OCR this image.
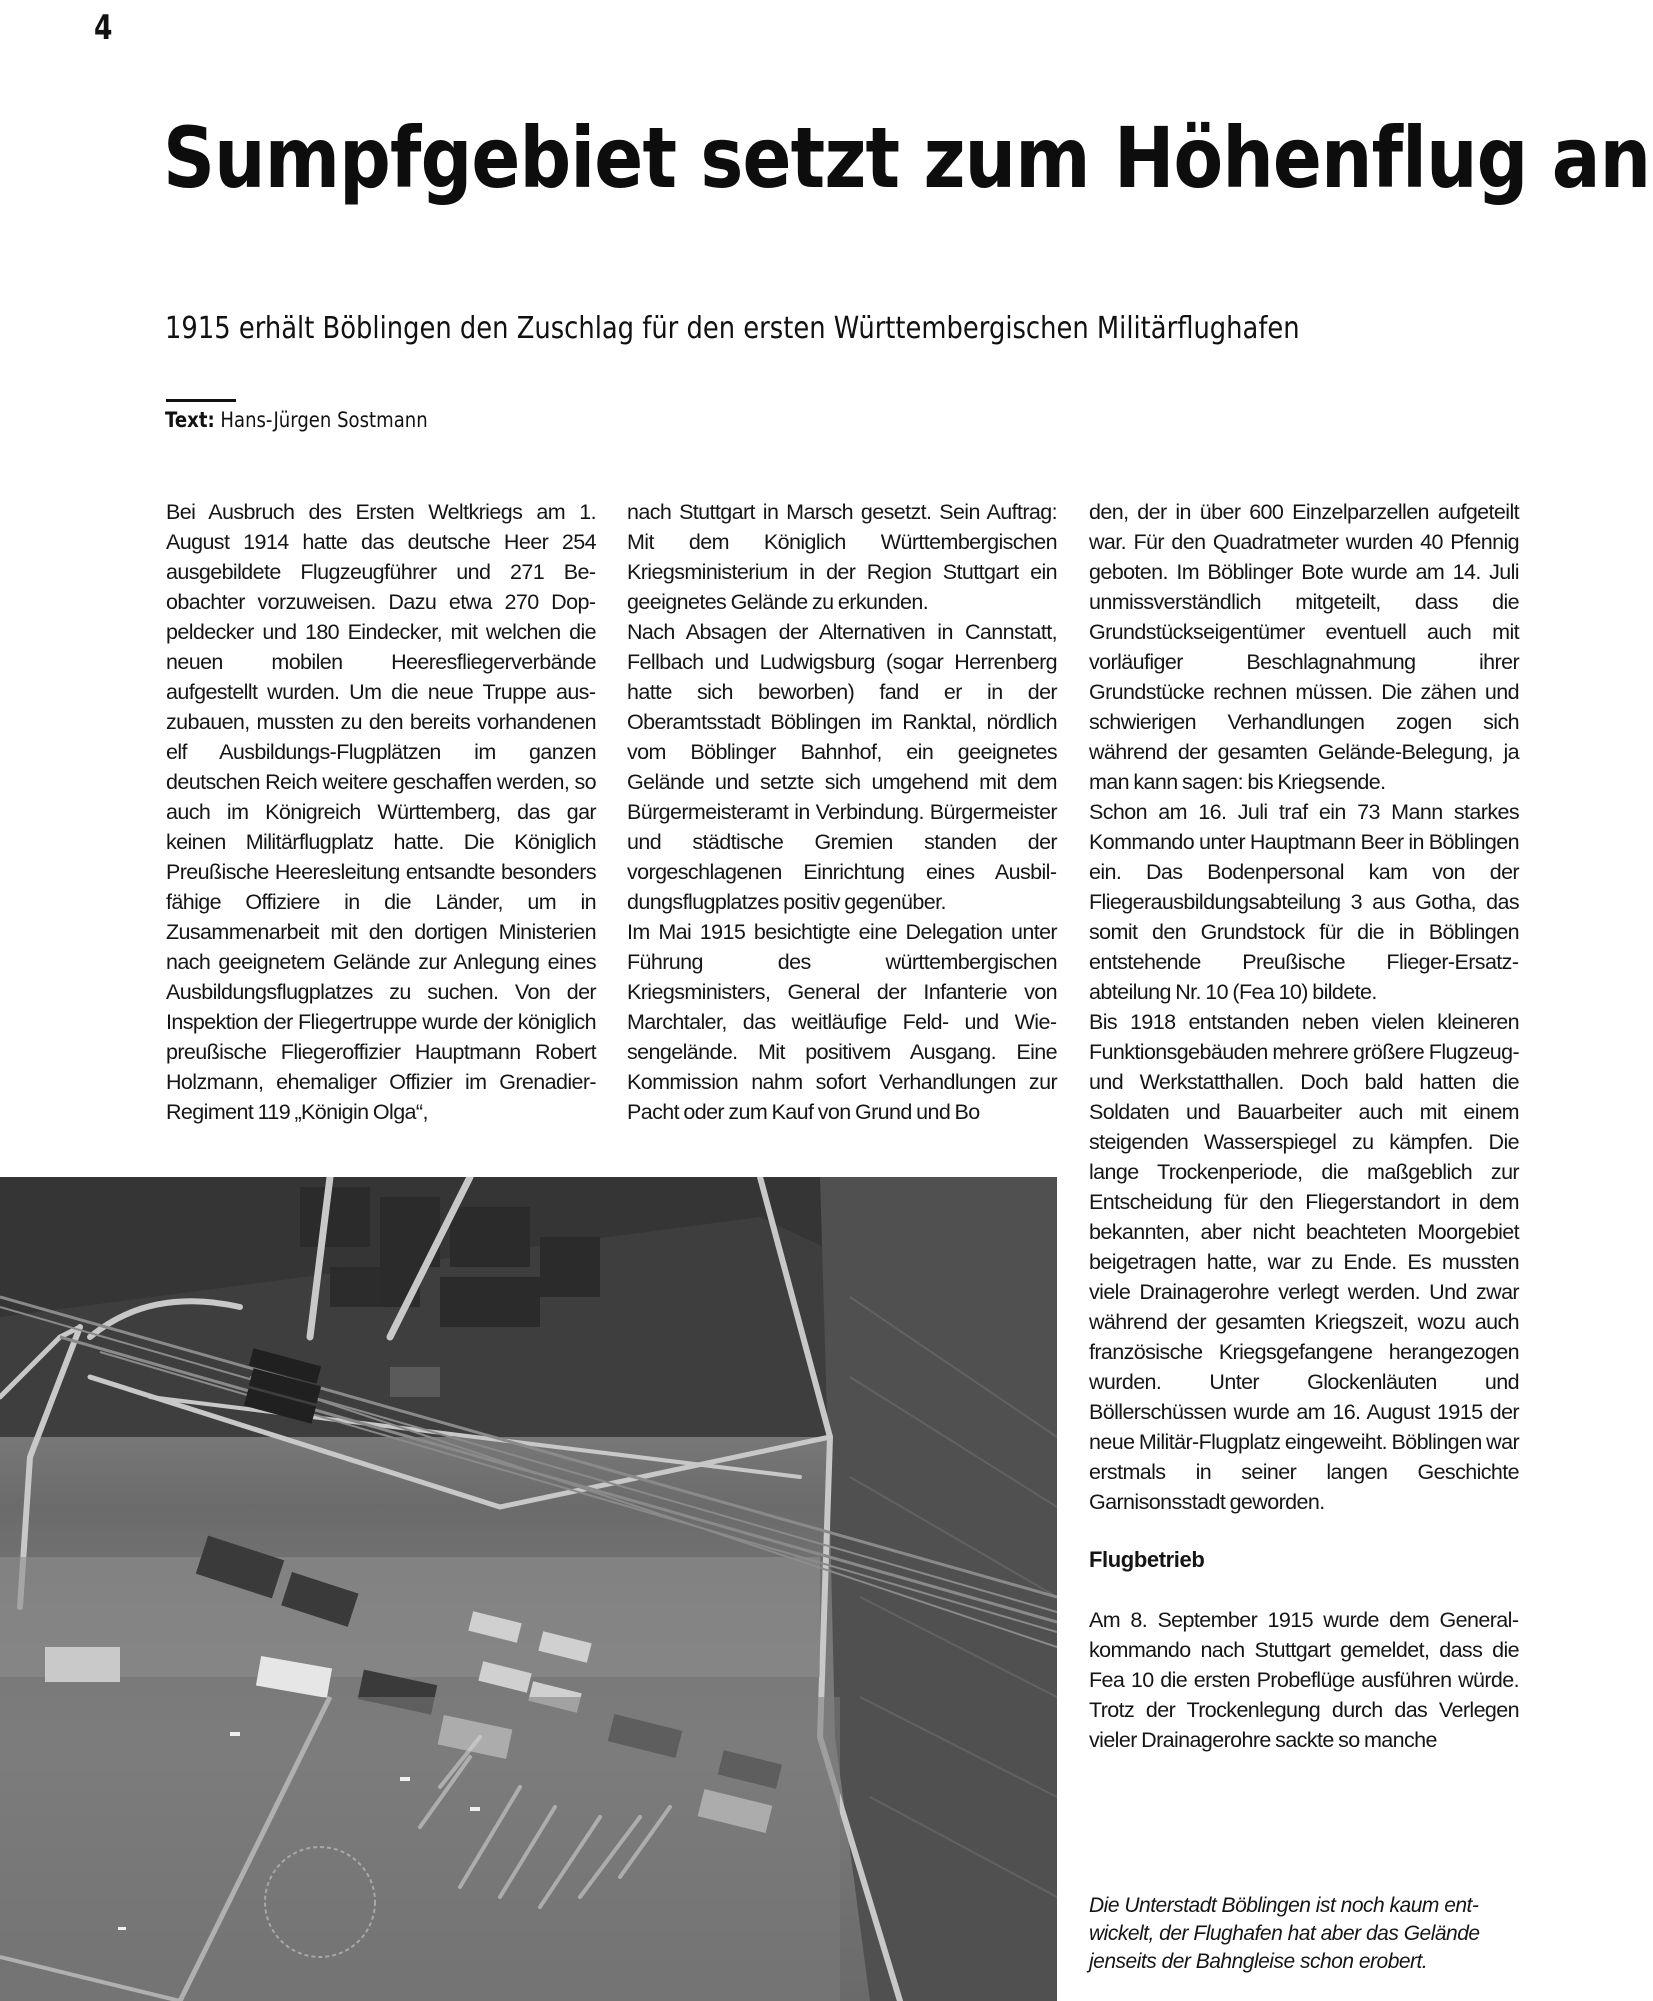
4
Sumpfgebiet setzt zum Höhenflug an
1915 erhält Böblingen den Zuschlag für den ersten Württembergischen Militärflughafen
Text: Hans-Jürgen Sostmann

Bei Ausbruch des Ersten Weltkriegs am 1. August 1914 hatte das deutsche Heer 254 ausgebildete Flugzeugführer und 271 Beobachter vorzuweisen. Dazu etwa 270 Doppeldecker und 180 Eindecker, mit welchen die neuen mobilen Heeresfliegerverbände aufgestellt wurden. Um die neue Truppe auszubauen, mussten zu den bereits vorhandenen elf Ausbildungs-Flugplätzen im ganzen deutschen Reich weitere geschaffen werden, so auch im Königreich Württemberg, das gar keinen Militärflugplatz hatte. Die Königlich Preußische Heeresleitung entsandte besonders fähige Offiziere in die Länder, um in Zusammenarbeit mit den dortigen Ministerien nach geeignetem Gelände zur Anlegung eines Ausbildungsflugplatzes zu suchen. Von der Inspektion der Fliegertruppe wurde der königlich preußische Fliegeroffizier Hauptmann Robert Holzmann, ehemaliger Offizier im Grenadier-Regiment 119 „Königin Olga“,

nach Stuttgart in Marsch gesetzt. Sein Auftrag: Mit dem Königlich Württembergischen Kriegsministerium in der Region Stuttgart ein geeignetes Gelände zu erkunden.

Nach Absagen der Alternativen in Cannstatt, Fellbach und Ludwigsburg (sogar Herrenberg hatte sich beworben) fand er in der Oberamtsstadt Böblingen im Ranktal, nördlich vom Böblinger Bahnhof, ein geeignetes Gelände und setzte sich umgehend mit dem Bürgermeisteramt in Verbindung. Bürgermeister und städtische Gremien standen der vorgeschlagenen Einrichtung eines Ausbildungsflugplatzes positiv gegenüber.

Im Mai 1915 besichtigte eine Delegation unter Führung des württembergischen Kriegsministers, General der Infanterie von Marchtaler, das weitläufige Feld- und Wiesengelände. Mit positivem Ausgang. Eine Kommission nahm sofort Verhandlungen zur Pacht oder zum Kauf von Grund und Bo

den, der in über 600 Einzelparzellen aufgeteilt war. Für den Quadratmeter wurden 40 Pfennig geboten. Im Böblinger Bote wurde am 14. Juli unmissverständlich mitgeteilt, dass die Grundstückseigentümer eventuell auch mit vorläufiger Beschlagnahmung ihrer Grundstücke rechnen müssen. Die zähen und schwierigen Verhandlungen zogen sich während der gesamten Gelände-Belegung, ja man kann sagen: bis Kriegsende.

Schon am 16. Juli traf ein 73 Mann starkes Kommando unter Hauptmann Beer in Böblingen ein. Das Bodenpersonal kam von der Fliegerausbildungsabteilung 3 aus Gotha, das somit den Grundstock für die in Böblingen entstehende Preußische Flieger-Ersatzabteilung Nr. 10 (Fea 10) bildete.

Bis 1918 entstanden neben vielen kleineren Funktionsgebäuden mehrere größere Flugzeug- und Werkstatthallen. Doch bald hatten die Soldaten und Bauarbeiter auch mit einem steigenden Wasserspiegel zu kämpfen. Die lange Trockenperiode, die maßgeblich zur Entscheidung für den Fliegerstandort in dem bekannten, aber nicht beachteten Moorgebiet beigetragen hatte, war zu Ende. Es mussten viele Drainagerohre verlegt werden. Und zwar während der gesamten Kriegszeit, wozu auch französische Kriegsgefangene herangezogen wurden. Unter Glockenläuten und Böllerschüssen wurde am 16. August 1915 der neue Militär-Flugplatz eingeweiht. Böblingen war erstmals in seiner langen Geschichte Garnisonsstadt geworden.

Flugbetrieb

Am 8. September 1915 wurde dem Generalkommando nach Stuttgart gemeldet, dass die Fea 10 die ersten Probeflüge ausführen würde. Trotz der Trockenlegung durch das Verlegen vieler Drainagerohre sackte so manche

Die Unterstadt Böblingen ist noch kaum entwickelt, der Flughafen hat aber das Gelände jenseits der Bahngleise schon erobert.
